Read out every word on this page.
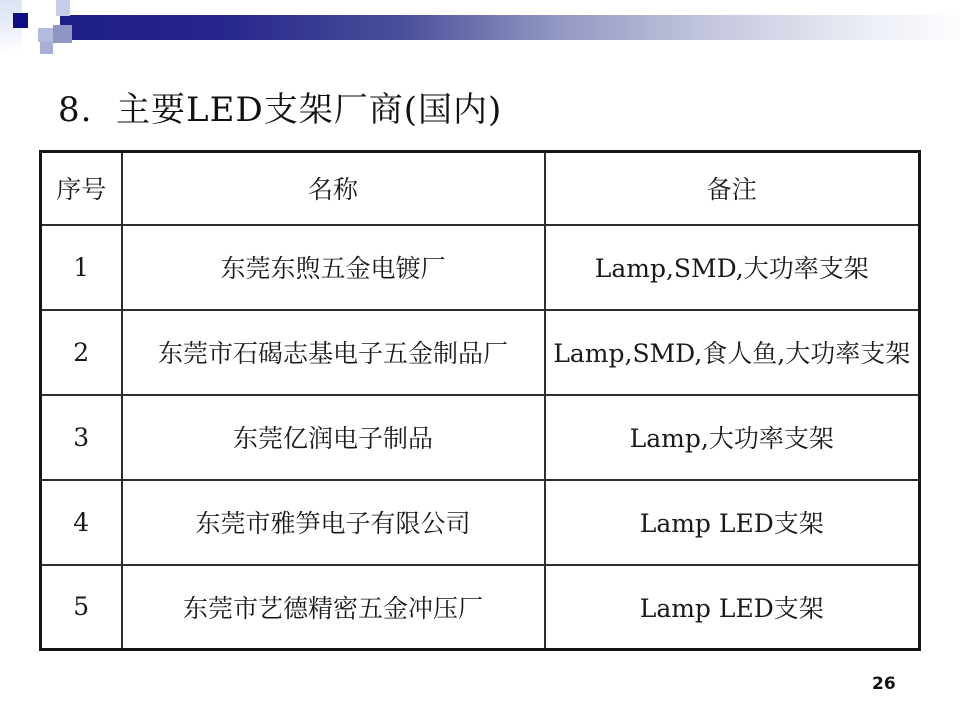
8.  主要LED支架厂商(国内)
序号	名称	备注
1	东莞东煦五金电镀厂	Lamp,SMD,大功率支架
2	东莞市石碣志基电子五金制品厂	Lamp,SMD,食人鱼,大功率支架
3	东莞亿润电子制品	Lamp,大功率支架
4	东莞市雅笋电子有限公司	Lamp LED支架
5	东莞市艺德精密五金冲压厂	Lamp LED支架
26
